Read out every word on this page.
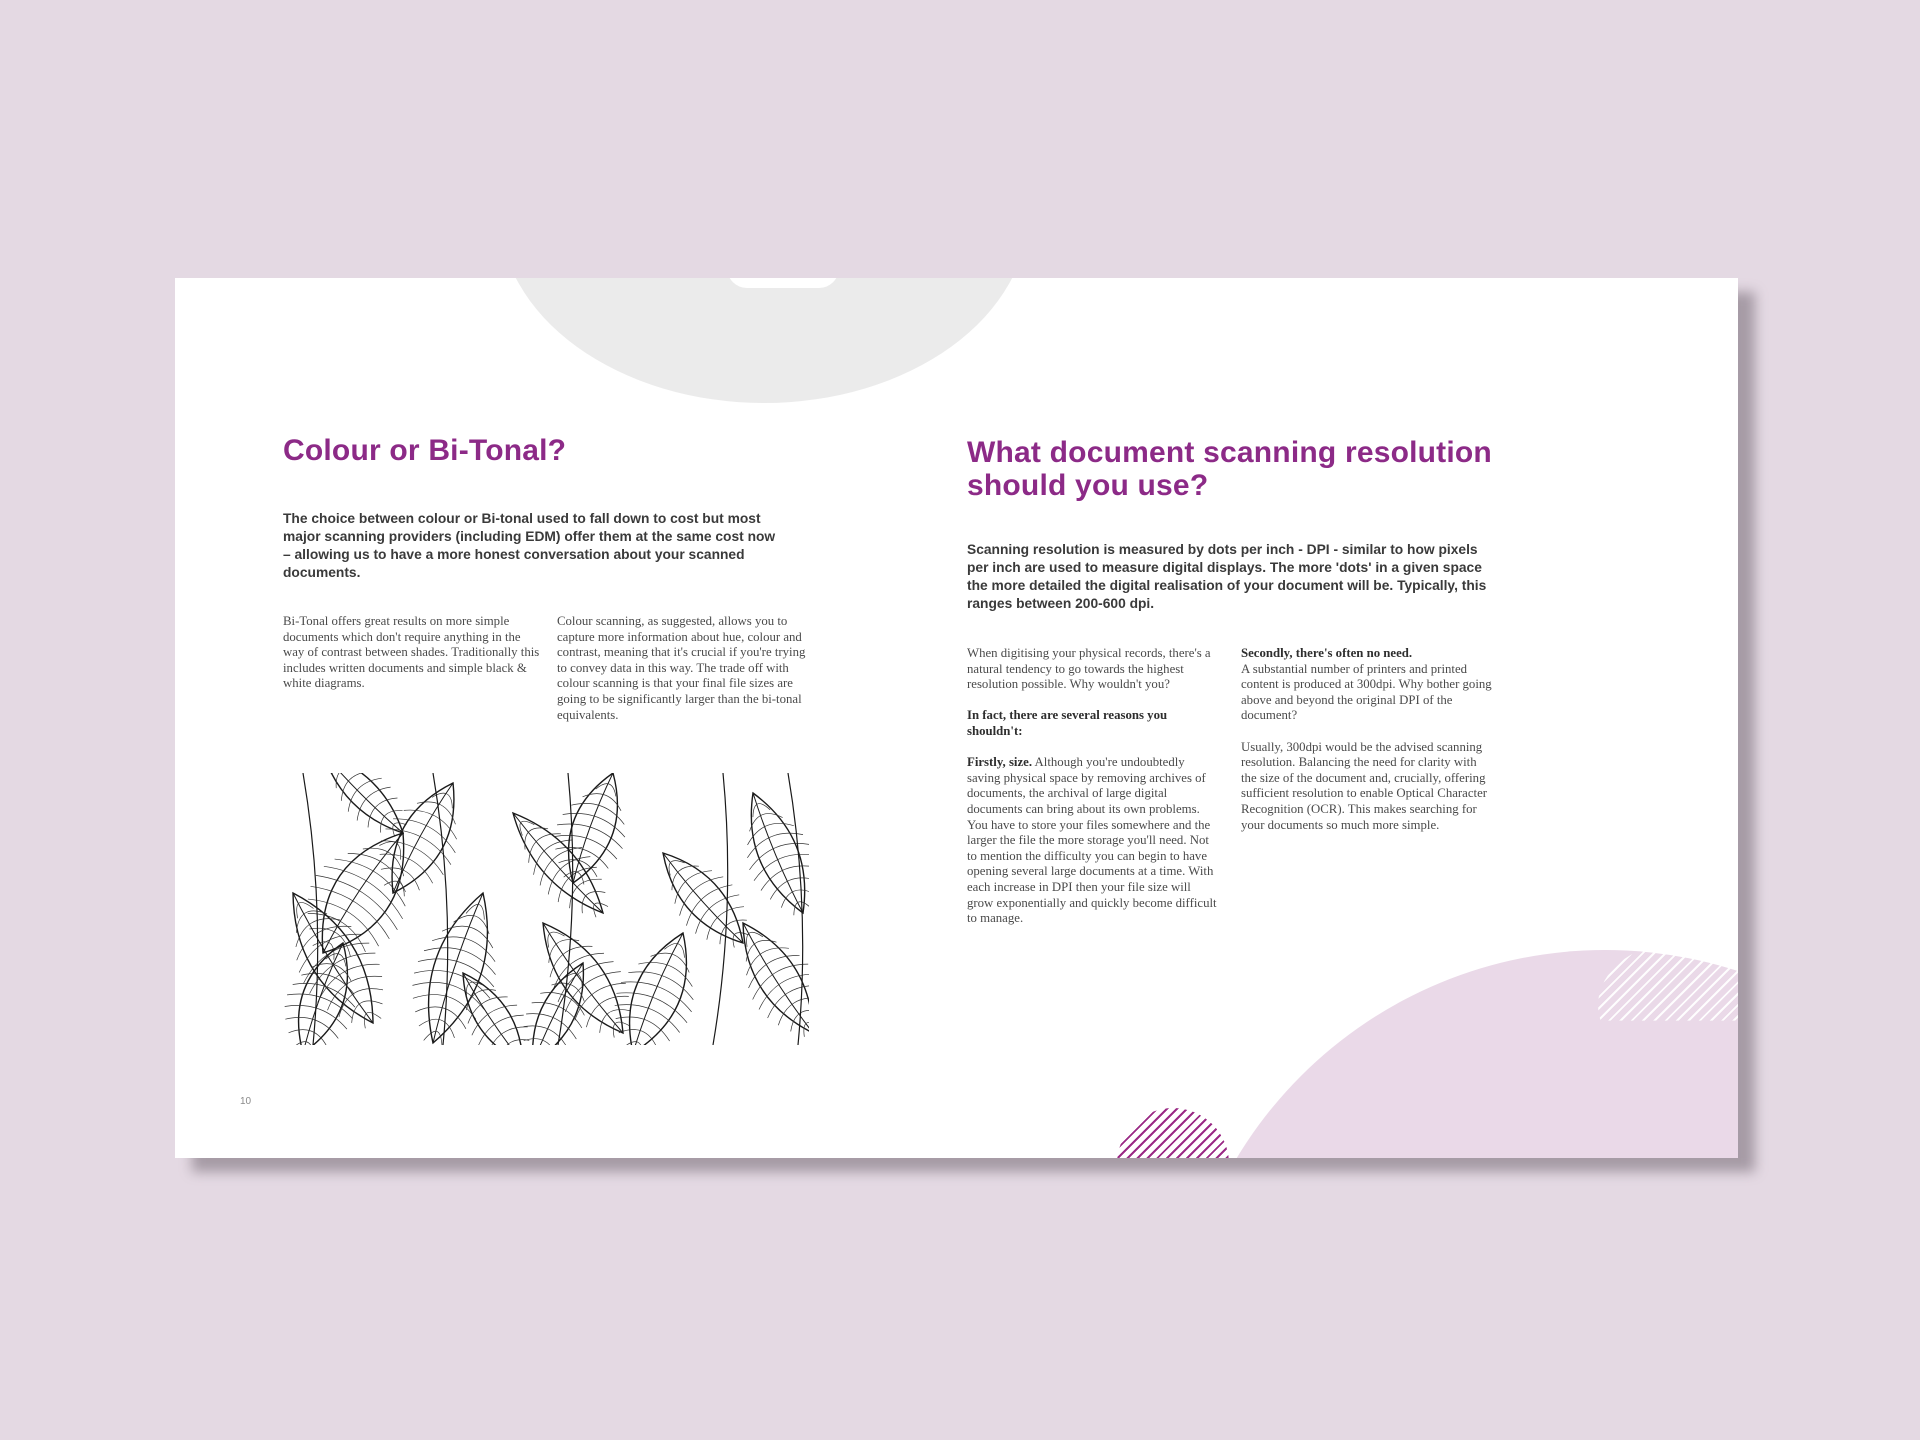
Colour or Bi-Tonal?
The choice between colour or Bi-tonal used to fall down to cost but most major scanning providers (including EDM) offer them at the same cost now – allowing us to have a more honest conversation about your scanned documents.
Bi-Tonal offers great results on more simple documents which don't require anything in the way of contrast between shades. Traditionally this includes written documents and simple black & white diagrams.
Colour scanning, as suggested, allows you to capture more information about hue, colour and contrast, meaning that it's crucial if you're trying to convey data in this way. The trade off with colour scanning is that your final file sizes are going to be significantly larger than the bi-tonal equivalents.
10
What document scanning resolution should you use?
Scanning resolution is measured by dots per inch - DPI - similar to how pixels per inch are used to measure digital displays. The more 'dots' in a given space the more detailed the digital realisation of your document will be. Typically, this ranges between 200-600 dpi.

When digitising your physical records, there's a natural tendency to go towards the highest resolution possible. Why wouldn't you?

In fact, there are several reasons you shouldn't:

Firstly, size. Although you're undoubtedly saving physical space by removing archives of documents, the archival of large digital documents can bring about its own problems. You have to store your files somewhere and the larger the file the more storage you'll need. Not to mention the difficulty you can begin to have opening several large documents at a time. With each increase in DPI then your file size will grow exponentially and quickly become difficult to manage.

Secondly, there's often no need.
A substantial number of printers and printed content is produced at 300dpi. Why bother going above and beyond the original DPI of the document?

Usually, 300dpi would be the advised scanning resolution. Balancing the need for clarity with the size of the document and, crucially, offering sufficient resolution to enable Optical Character Recognition (OCR). This makes searching for your documents so much more simple.
